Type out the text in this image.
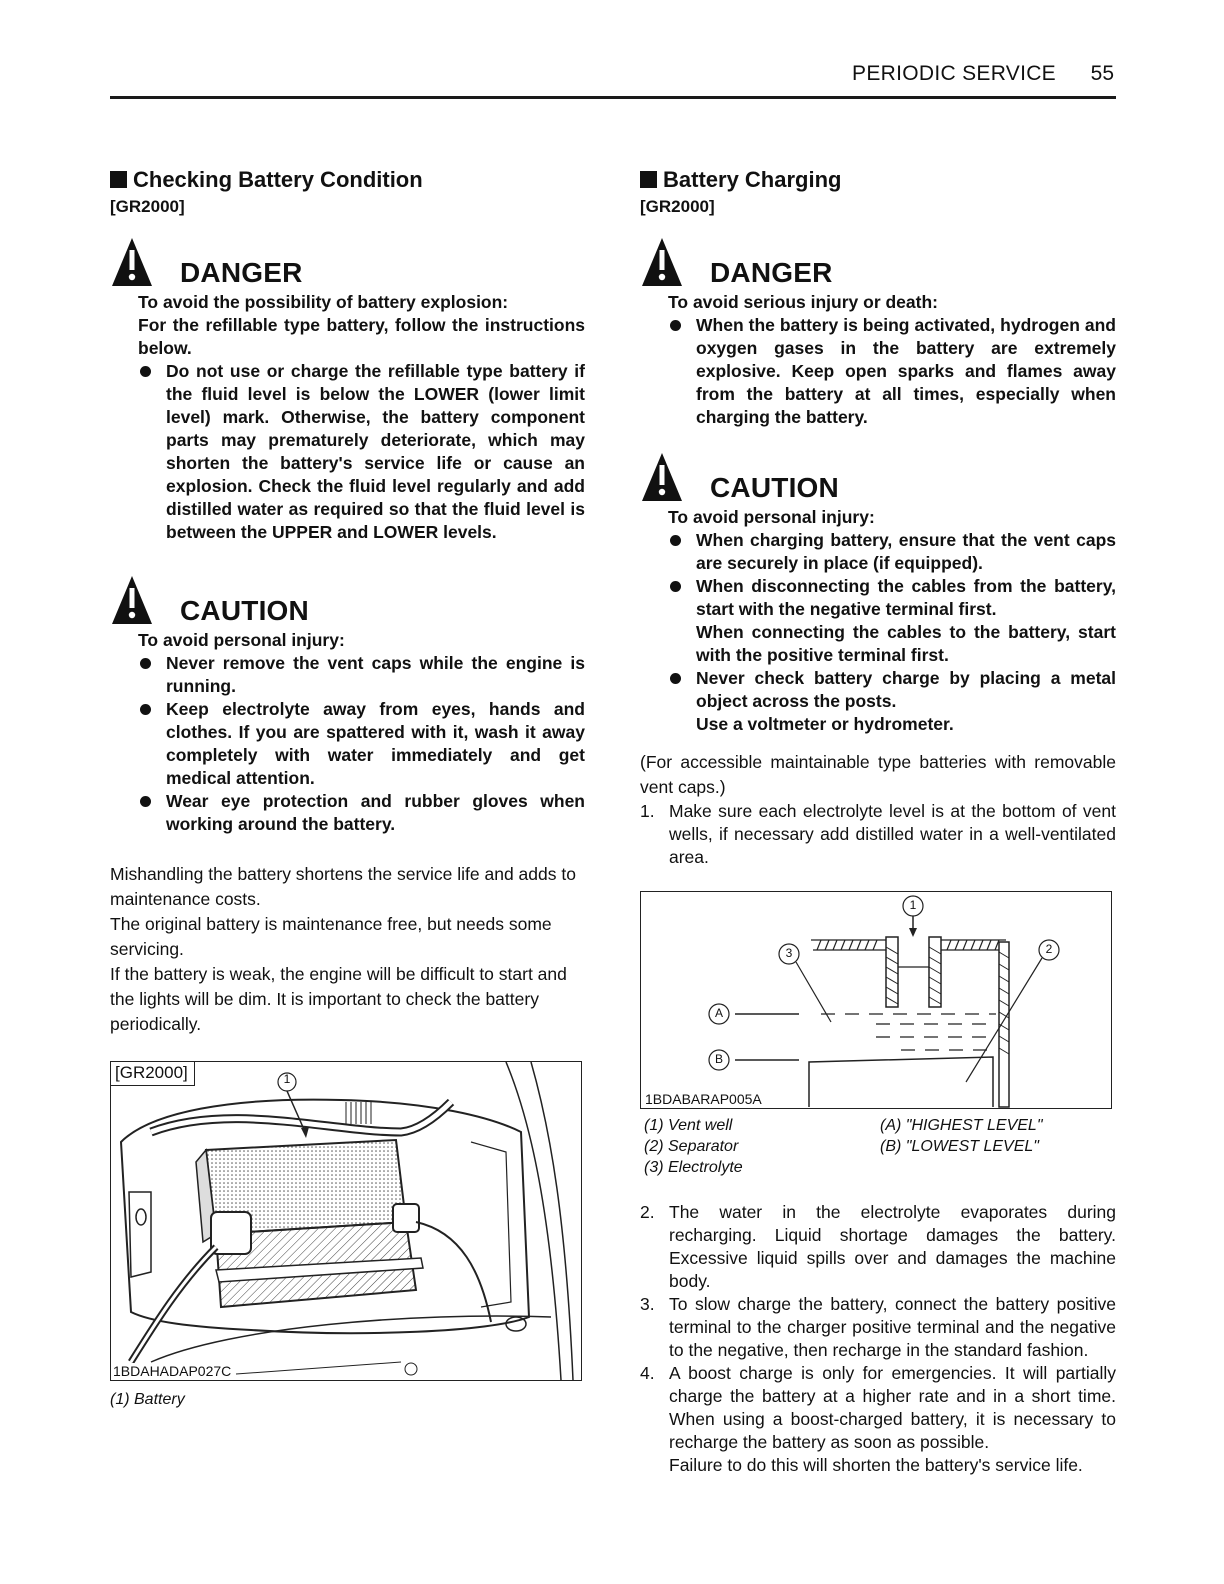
PERIODIC SERVICE 55
Checking Battery Condition
[GR2000]
DANGER

To avoid the possibility of battery explosion:

For the refillable type battery, follow the instructions below.

Do not use or charge the refillable type battery if the fluid level is below the LOWER (lower limit level) mark. Otherwise, the battery component parts may prematurely deteriorate, which may shorten the battery's service life or cause an explosion. Check the fluid level regularly and add distilled water as required so that the fluid level is between the UPPER and LOWER levels.
CAUTION

To avoid personal injury:

Never remove the vent caps while the engine is running.
Keep electrolyte away from eyes, hands and clothes. If you are spattered with it, wash it away completely with water immediately and get medical attention.
Wear eye protection and rubber gloves when working around the battery.

Mishandling the battery shortens the service life and adds to maintenance costs.

The original battery is maintenance free, but needs some servicing.

If the battery is weak, the engine will be difficult to start and the lights will be dim. It is important to check the battery periodically.

[GR2000]	1
1BDAHADAP027C
(1) Battery
Battery Charging
[GR2000]
DANGER

To avoid serious injury or death:

When the battery is being activated, hydrogen and oxygen gases in the battery are extremely explosive. Keep open sparks and flames away from the battery at all times, especially when charging the battery.
CAUTION

To avoid personal injury:

When charging battery, ensure that the vent caps are securely in place (if equipped).
When disconnecting the cables from the battery, start with the negative terminal first.
When connecting the cables to the battery, start with the positive terminal first.
Never check battery charge by placing a metal object across the posts.
Use a voltmeter or hydrometer.

(For accessible maintainable type batteries with removable vent caps.)

1. Make sure each electrolyte level is at the bottom of vent wells, if necessary add distilled water in a well-ventilated area.
1
2
3
A
B
1BDABARAP005A
(1) Vent well
(2) Separator
(3) Electrolyte
(A) "HIGHEST LEVEL"
(B) "LOWEST LEVEL"
2. The water in the electrolyte evaporates during recharging. Liquid shortage damages the battery. Excessive liquid spills over and damages the machine body.
3. To slow charge the battery, connect the battery positive terminal to the charger positive terminal and the negative to the negative, then recharge in the standard fashion.
4. A boost charge is only for emergencies. It will partially charge the battery at a higher rate and in a short time. When using a boost-charged battery, it is necessary to recharge the battery as soon as possible.
Failure to do this will shorten the battery's service life.
